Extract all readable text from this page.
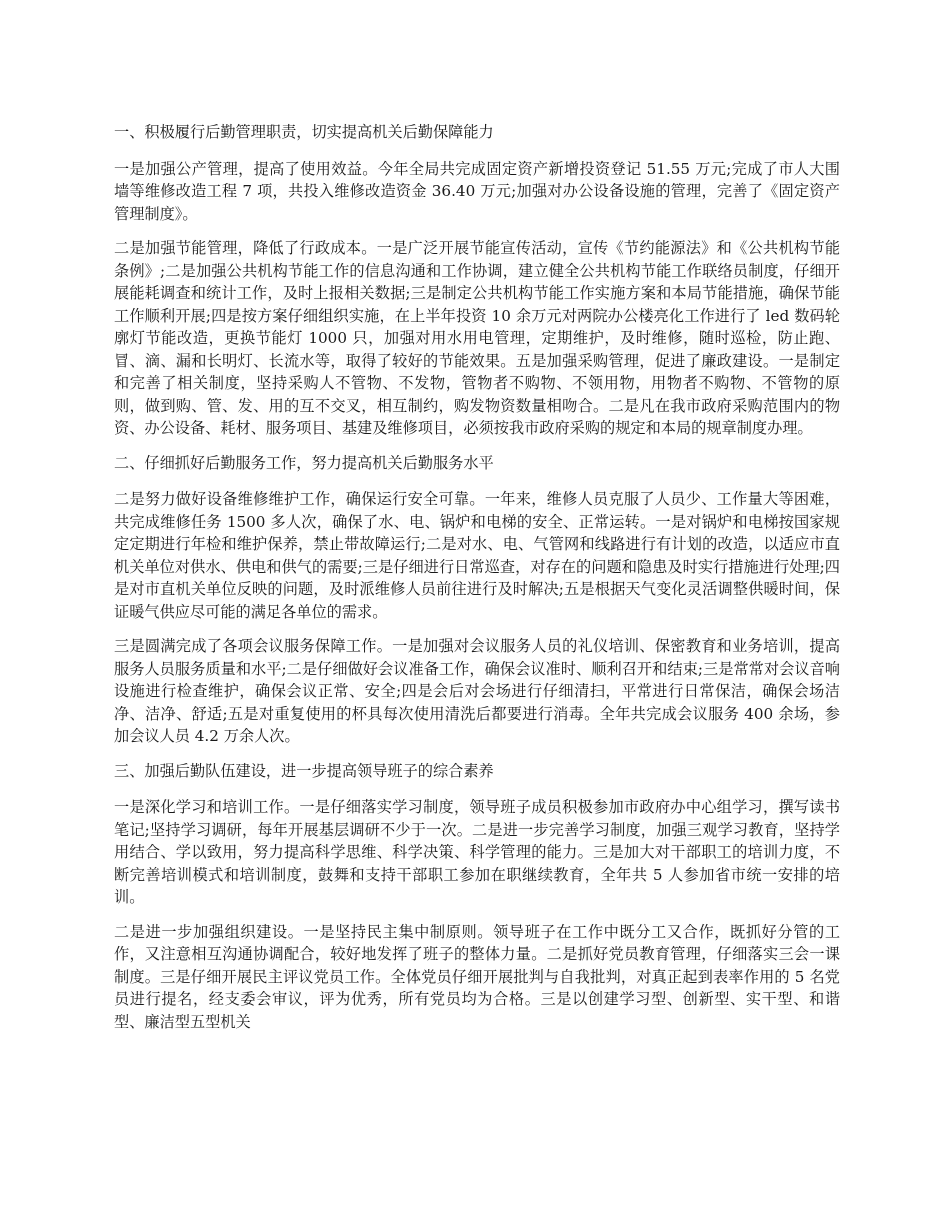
一、积极履行后勤管理职责，切实提高机关后勤保障能力

一是加强公产管理，提高了使用效益。今年全局共完成固定资产新增投资登记 51.55 万元;完成了市人大围墙等维修改造工程 7 项，共投入维修改造资金 36.40 万元;加强对办公设备设施的管理，完善了《固定资产管理制度》。

二是加强节能管理，降低了行政成本。一是广泛开展节能宣传活动，宣传《节约能源法》和《公共机构节能条例》;二是加强公共机构节能工作的信息沟通和工作协调，建立健全公共机构节能工作联络员制度，仔细开展能耗调查和统计工作，及时上报相关数据;三是制定公共机构节能工作实施方案和本局节能措施，确保节能工作顺利开展;四是按方案仔细组织实施，在上半年投资 10 余万元对两院办公楼亮化工作进行了 led 数码轮廓灯节能改造，更换节能灯 1000 只，加强对用水用电管理，定期维护，及时维修，随时巡检，防止跑、冒、滴、漏和长明灯、长流水等，取得了较好的节能效果。五是加强采购管理，促进了廉政建设。一是制定和完善了相关制度，坚持采购人不管物、不发物，管物者不购物、不领用物，用物者不购物、不管物的原则，做到购、管、发、用的互不交叉，相互制约，购发物资数量相吻合。二是凡在我市政府采购范围内的物资、办公设备、耗材、服务项目、基建及维修项目，必须按我市政府采购的规定和本局的规章制度办理。

二、仔细抓好后勤服务工作，努力提高机关后勤服务水平

二是努力做好设备维修维护工作，确保运行安全可靠。一年来，维修人员克服了人员少、工作量大等困难，共完成维修任务 1500 多人次，确保了水、电、锅炉和电梯的安全、正常运转。一是对锅炉和电梯按国家规定定期进行年检和维护保养，禁止带故障运行;二是对水、电、气管网和线路进行有计划的改造，以适应市直机关单位对供水、供电和供气的需要;三是仔细进行日常巡查，对存在的问题和隐患及时实行措施进行处理;四是对市直机关单位反映的问题，及时派维修人员前往进行及时解决;五是根据天气变化灵活调整供暖时间，保证暖气供应尽可能的满足各单位的需求。

三是圆满完成了各项会议服务保障工作。一是加强对会议服务人员的礼仪培训、保密教育和业务培训，提高服务人员服务质量和水平;二是仔细做好会议准备工作，确保会议准时、顺利召开和结束;三是常常对会议音响设施进行检查维护，确保会议正常、安全;四是会后对会场进行仔细清扫，平常进行日常保洁，确保会场洁净、洁净、舒适;五是对重复使用的杯具每次使用清洗后都要进行消毒。全年共完成会议服务 400 余场，参加会议人员 4.2 万余人次。

三、加强后勤队伍建设，进一步提高领导班子的综合素养

一是深化学习和培训工作。一是仔细落实学习制度，领导班子成员积极参加市政府办中心组学习，撰写读书笔记;坚持学习调研，每年开展基层调研不少于一次。二是进一步完善学习制度，加强三观学习教育，坚持学用结合、学以致用，努力提高科学思维、科学决策、科学管理的能力。三是加大对干部职工的培训力度，不断完善培训模式和培训制度，鼓舞和支持干部职工参加在职继续教育，全年共 5 人参加省市统一安排的培训。

二是进一步加强组织建设。一是坚持民主集中制原则。领导班子在工作中既分工又合作，既抓好分管的工作，又注意相互沟通协调配合，较好地发挥了班子的整体力量。二是抓好党员教育管理，仔细落实三会一课制度。三是仔细开展民主评议党员工作。全体党员仔细开展批判与自我批判，对真正起到表率作用的 5 名党员进行提名，经支委会审议，评为优秀，所有党员均为合格。三是以创建学习型、创新型、实干型、和谐型、廉洁型五型机关
